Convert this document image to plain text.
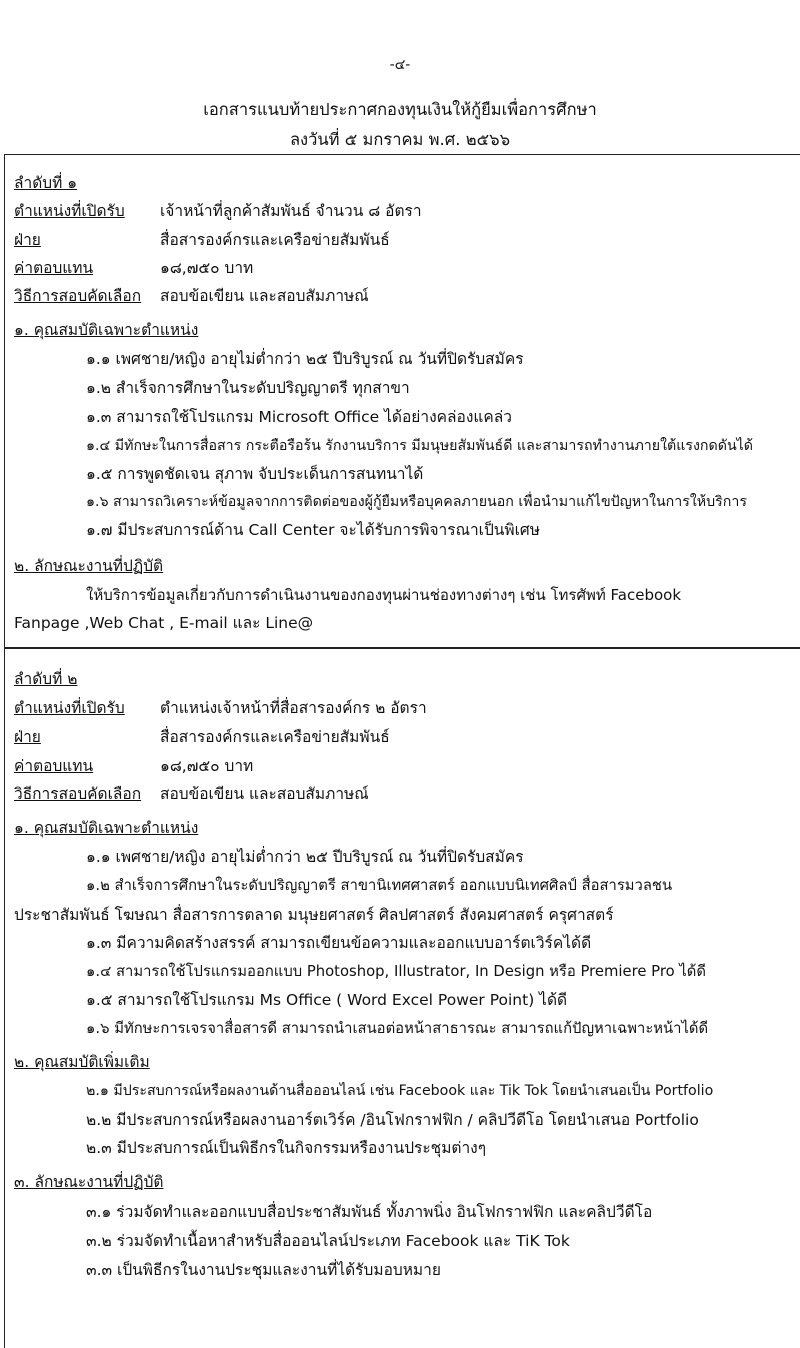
-๔-
เอกสารแนบท้ายประกาศกองทุนเงินให้กู้ยืมเพื่อการศึกษา
ลงวันที่ ๕ มกราคม พ.ศ. ๒๕๖๖
ลำดับที่ ๑
ตำแหน่งที่เปิดรับ เจ้าหน้าที่ลูกค้าสัมพันธ์ จำนวน ๘ อัตรา
ฝ่าย	สื่อสารองค์กรและเครือข่ายสัมพันธ์
ค่าตอบแทน	๑๘,๗๕๐ บาท
วิธีการสอบคัดเลือก สอบข้อเขียน และสอบสัมภาษณ์
๑. คุณสมบัติเฉพาะตำแหน่ง
๑.๑ เพศชาย/หญิง อายุไม่ต่ำกว่า ๒๕ ปีบริบูรณ์ ณ วันที่ปิดรับสมัคร
๑.๒ สำเร็จการศึกษาในระดับปริญญาตรี ทุกสาขา
๑.๓ สามารถใช้โปรแกรม Microsoft Office ได้อย่างคล่องแคล่ว
๑.๔ มีทักษะในการสื่อสาร กระตือรือร้น รักงานบริการ มีมนุษยสัมพันธ์ดี และสามารถทำงานภายใต้แรงกดดันได้
๑.๕ การพูดชัดเจน สุภาพ จับประเด็นการสนทนาได้
๑.๖ สามารถวิเคราะห์ข้อมูลจากการติดต่อของผู้กู้ยืมหรือบุคคลภายนอก เพื่อนำมาแก้ไขปัญหาในการให้บริการ
๑.๗ มีประสบการณ์ด้าน Call Center จะได้รับการพิจารณาเป็นพิเศษ
๒. ลักษณะงานที่ปฏิบัติ
ให้บริการข้อมูลเกี่ยวกับการดำเนินงานของกองทุนผ่านช่องทางต่างๆ เช่น โทรศัพท์ Facebook
Fanpage ,Web Chat , E-mail และ Line@
ลำดับที่ ๒
ตำแหน่งที่เปิดรับ ตำแหน่งเจ้าหน้าที่สื่อสารองค์กร ๒ อัตรา
ฝ่าย	สื่อสารองค์กรและเครือข่ายสัมพันธ์
ค่าตอบแทน	๑๘,๗๕๐ บาท
วิธีการสอบคัดเลือก สอบข้อเขียน และสอบสัมภาษณ์
๑. คุณสมบัติเฉพาะตำแหน่ง
๑.๑ เพศชาย/หญิง อายุไม่ต่ำกว่า ๒๕ ปีบริบูรณ์ ณ วันที่ปิดรับสมัคร
๑.๒ สำเร็จการศึกษาในระดับปริญญาตรี สาขานิเทศศาสตร์ ออกแบบนิเทศศิลป์ สื่อสารมวลชน
ประชาสัมพันธ์ โฆษณา สื่อสารการตลาด มนุษยศาสตร์ ศิลปศาสตร์ สังคมศาสตร์ ครุศาสตร์
๑.๓ มีความคิดสร้างสรรค์ สามารถเขียนข้อความและออกแบบอาร์ตเวิร์คได้ดี
๑.๔ สามารถใช้โปรแกรมออกแบบ Photoshop, Illustrator, In Design หรือ Premiere Pro ได้ดี
๑.๕ สามารถใช้โปรแกรม Ms Office ( Word Excel Power Point) ได้ดี
๑.๖ มีทักษะการเจรจาสื่อสารดี สามารถนำเสนอต่อหน้าสาธารณะ สามารถแก้ปัญหาเฉพาะหน้าได้ดี
๒. คุณสมบัติเพิ่มเติม
๒.๑ มีประสบการณ์หรือผลงานด้านสื่อออนไลน์ เช่น Facebook และ Tik Tok โดยนำเสนอเป็น Portfolio
๒.๒ มีประสบการณ์หรือผลงานอาร์ตเวิร์ค /อินโฟกราฟฟิก / คลิปวีดีโอ โดยนำเสนอ Portfolio
๒.๓ มีประสบการณ์เป็นพิธีกรในกิจกรรมหรืองานประชุมต่างๆ
๓. ลักษณะงานที่ปฏิบัติ
๓.๑ ร่วมจัดทำและออกแบบสื่อประชาสัมพันธ์ ทั้งภาพนิ่ง อินโฟกราฟฟิก และคลิปวีดีโอ
๓.๒ ร่วมจัดทำเนื้อหาสำหรับสื่อออนไลน์ประเภท Facebook และ TiK Tok
๓.๓ เป็นพิธีกรในงานประชุมและงานที่ได้รับมอบหมาย
